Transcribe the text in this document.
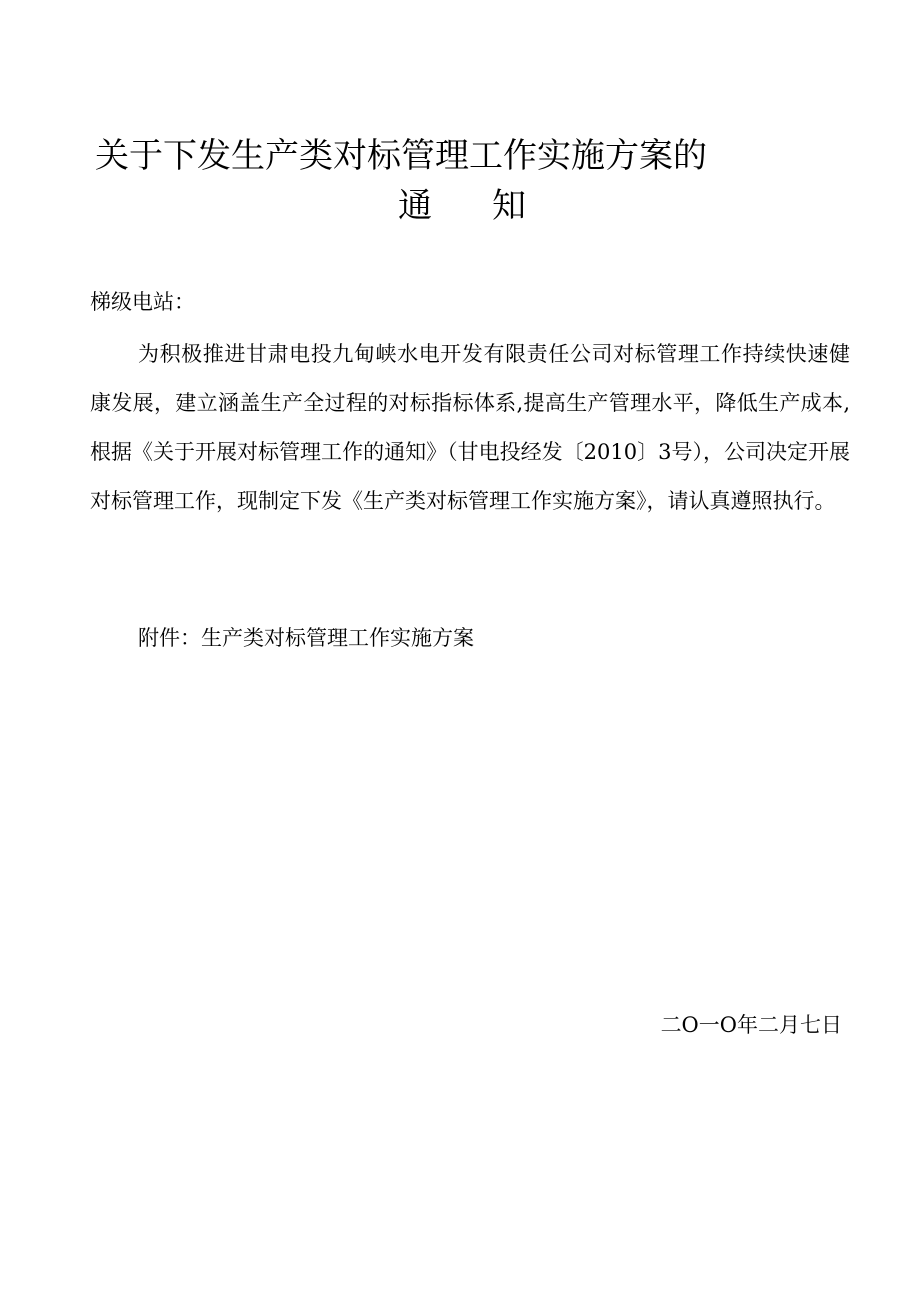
关于下发生产类对标管理工作实施方案的
通知
梯级电站：
为积极推进甘肃电投九甸峡水电开发有限责任公司对标管理工作持续快速健康发展，建立涵盖生产全过程的对标指标体系,提高生产管理水平，降低生产成本,根据《关于开展对标管理工作的通知》（甘电投经发〔2010〕3号），公司决定开展对标管理工作，现制定下发《生产类对标管理工作实施方案》，请认真遵照执行。
附件：生产类对标管理工作实施方案
二O一O年二月七日
